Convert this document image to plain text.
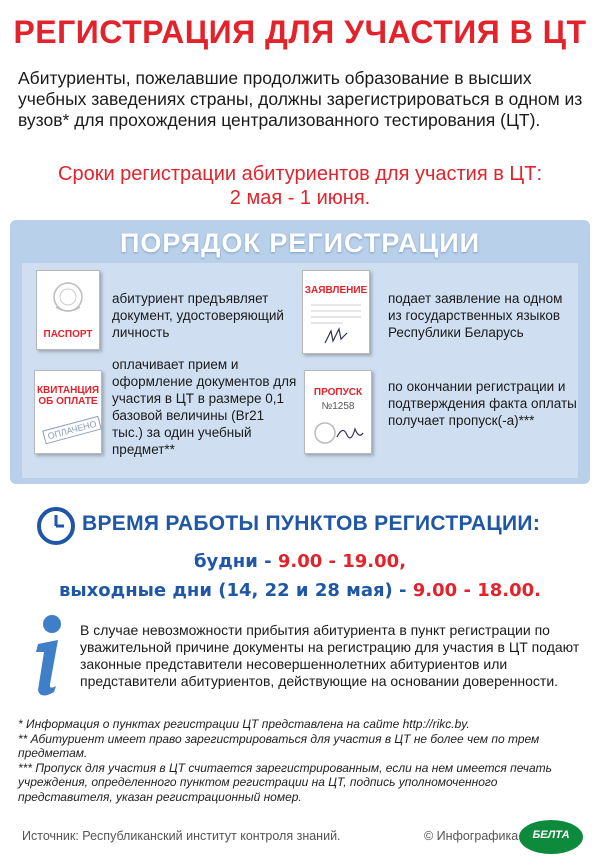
РЕГИСТРАЦИЯ ДЛЯ УЧАСТИЯ В ЦТ
Абитуриенты, пожелавшие продолжить образование в высших учебных заведениях страны, должны зарегистрироваться в одном из вузов* для прохождения централизованного тестирования (ЦТ).
Сроки регистрации абитуриентов для участия в ЦТ:
2 мая - 1 июня.
ПОРЯДОК РЕГИСТРАЦИИ
ПАСПОРТ
абитуриент предъявляет документ, удостоверяющий личность
ЗАЯВЛЕНИЕ
подает заявление на одном из государственных языков Республики Беларусь
КВИТАНЦИЯ ОБ ОПЛАТЕ
ОПЛАЧЕНО
оплачивает прием и оформление документов для участия в ЦТ в размере 0,1 базовой величины (Br21 тыс.) за один учебный предмет**
ПРОПУСК
№1258
по окончании регистрации и подтверждения факта оплаты получает пропуск(-а)***
ВРЕМЯ РАБОТЫ ПУНКТОВ РЕГИСТРАЦИИ:
будни - 9.00 - 19.00,
выходные дни (14, 22 и 28 мая) - 9.00 - 18.00.
В случае невозможности прибытия абитуриента в пункт регистрации по уважительной причине документы на регистрацию для участия в ЦТ подают законные представители несовершеннолетних абитуриентов или представители абитуриентов, действующие на основании доверенности.
* Информация о пунктах регистрации ЦТ представлена на сайте http://rikc.by.
** Абитуриент имеет право зарегистрироваться для участия в ЦТ не более чем по трем предметам.
*** Пропуск для участия в ЦТ считается зарегистрированным, если на нем имеется печать учреждения, определенного пунктом регистрации на ЦТ, подпись уполномоченного представителя, указан регистрационный номер.
Источник: Республиканский институт контроля знаний.	© Инфографика	БЕЛТА
